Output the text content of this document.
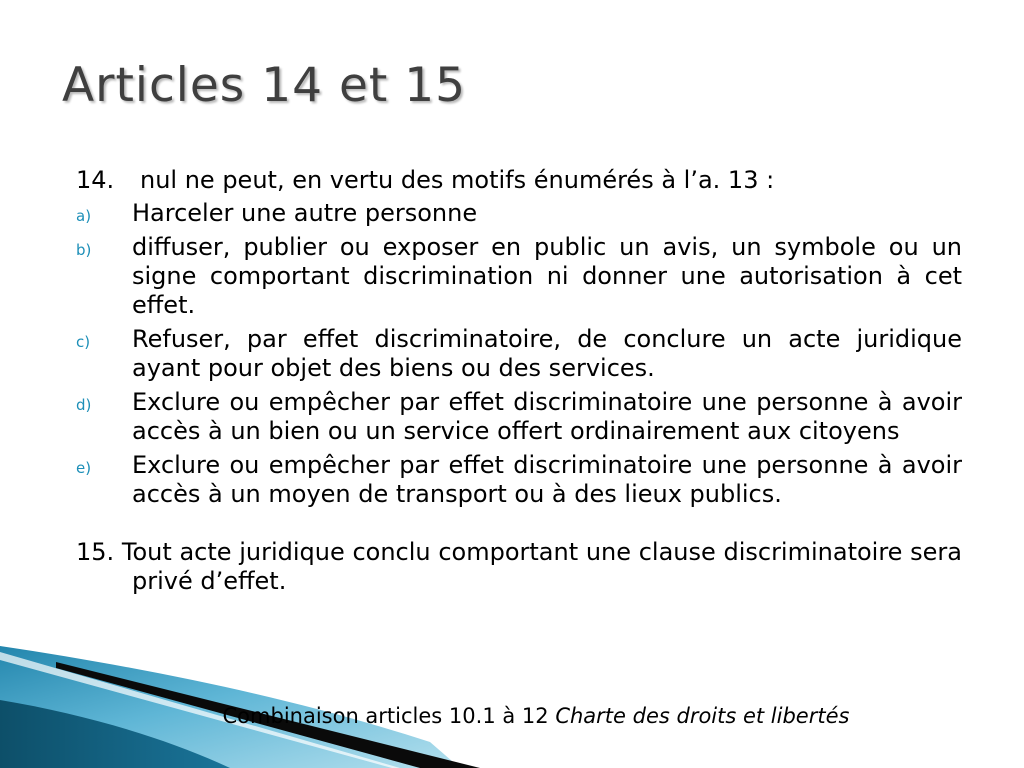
Articles 14 et 15

14. nul ne peut, en vertu des motifs énumérés à l’a. 13 :

a) Harceler une autre personne
b) diffuser, publier ou exposer en public un avis, un symbole ou un signe comportant discrimination ni donner une autorisation à cet effet.
c) Refuser, par effet discriminatoire, de conclure un acte juridique ayant pour objet des biens ou des services.
d) Exclure ou empêcher par effet discriminatoire une personne à avoir accès à un bien ou un service offert ordinairement aux citoyens
e) Exclure ou empêcher par effet discriminatoire une personne à avoir accès à un moyen de transport ou à des lieux publics.

15. Tout acte juridique conclu comportant une clause discriminatoire sera privé d’effet.

Combinaison articles 10.1 à 12 Charte des droits et libertés
